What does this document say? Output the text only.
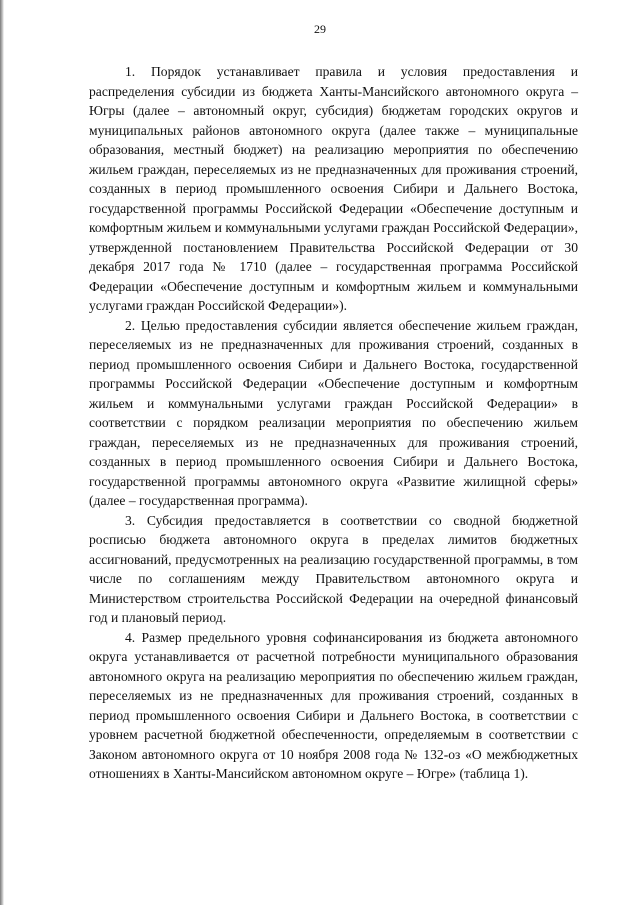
29

1. Порядок устанавливает правила и условия предоставления и распределения субсидии из бюджета Ханты-Мансийского автономного округа – Югры (далее – автономный округ, субсидия) бюджетам городских округов и муниципальных районов автономного округа (далее также – муниципальные образования, местный бюджет) на реализацию мероприятия по обеспечению жильем граждан, переселяемых из не предназначенных для проживания строений, созданных в период промышленного освоения Сибири и Дальнего Востока, государственной программы Российской Федерации «Обеспечение доступным и комфортным жильем и коммунальными услугами граждан Российской Федерации», утвержденной постановлением Правительства Российской Федерации от 30 декабря 2017 года № 1710 (далее – государственная программа Российской Федерации «Обеспечение доступным и комфортным жильем и коммунальными услугами граждан Российской Федерации»).

2. Целью предоставления субсидии является обеспечение жильем граждан, переселяемых из не предназначенных для проживания строений, созданных в период промышленного освоения Сибири и Дальнего Востока, государственной программы Российской Федерации «Обеспечение доступным и комфортным жильем и коммунальными услугами граждан Российской Федерации» в соответствии с порядком реализации мероприятия по обеспечению жильем граждан, переселяемых из не предназначенных для проживания строений, созданных в период промышленного освоения Сибири и Дальнего Востока, государственной программы автономного округа «Развитие жилищной сферы» (далее – государственная программа).

3. Субсидия предоставляется в соответствии со сводной бюджетной росписью бюджета автономного округа в пределах лимитов бюджетных ассигнований, предусмотренных на реализацию государственной программы, в том числе по соглашениям между Правительством автономного округа и Министерством строительства Российской Федерации на очередной финансовый год и плановый период.

4. Размер предельного уровня софинансирования из бюджета автономного округа устанавливается от расчетной потребности муниципального образования автономного округа на реализацию мероприятия по обеспечению жильем граждан, переселяемых из не предназначенных для проживания строений, созданных в период промышленного освоения Сибири и Дальнего Востока, в соответствии с уровнем расчетной бюджетной обеспеченности, определяемым в соответствии с Законом автономного округа от 10 ноября 2008 года № 132-оз «О межбюджетных отношениях в Ханты-Мансийском автономном округе – Югре» (таблица 1).
